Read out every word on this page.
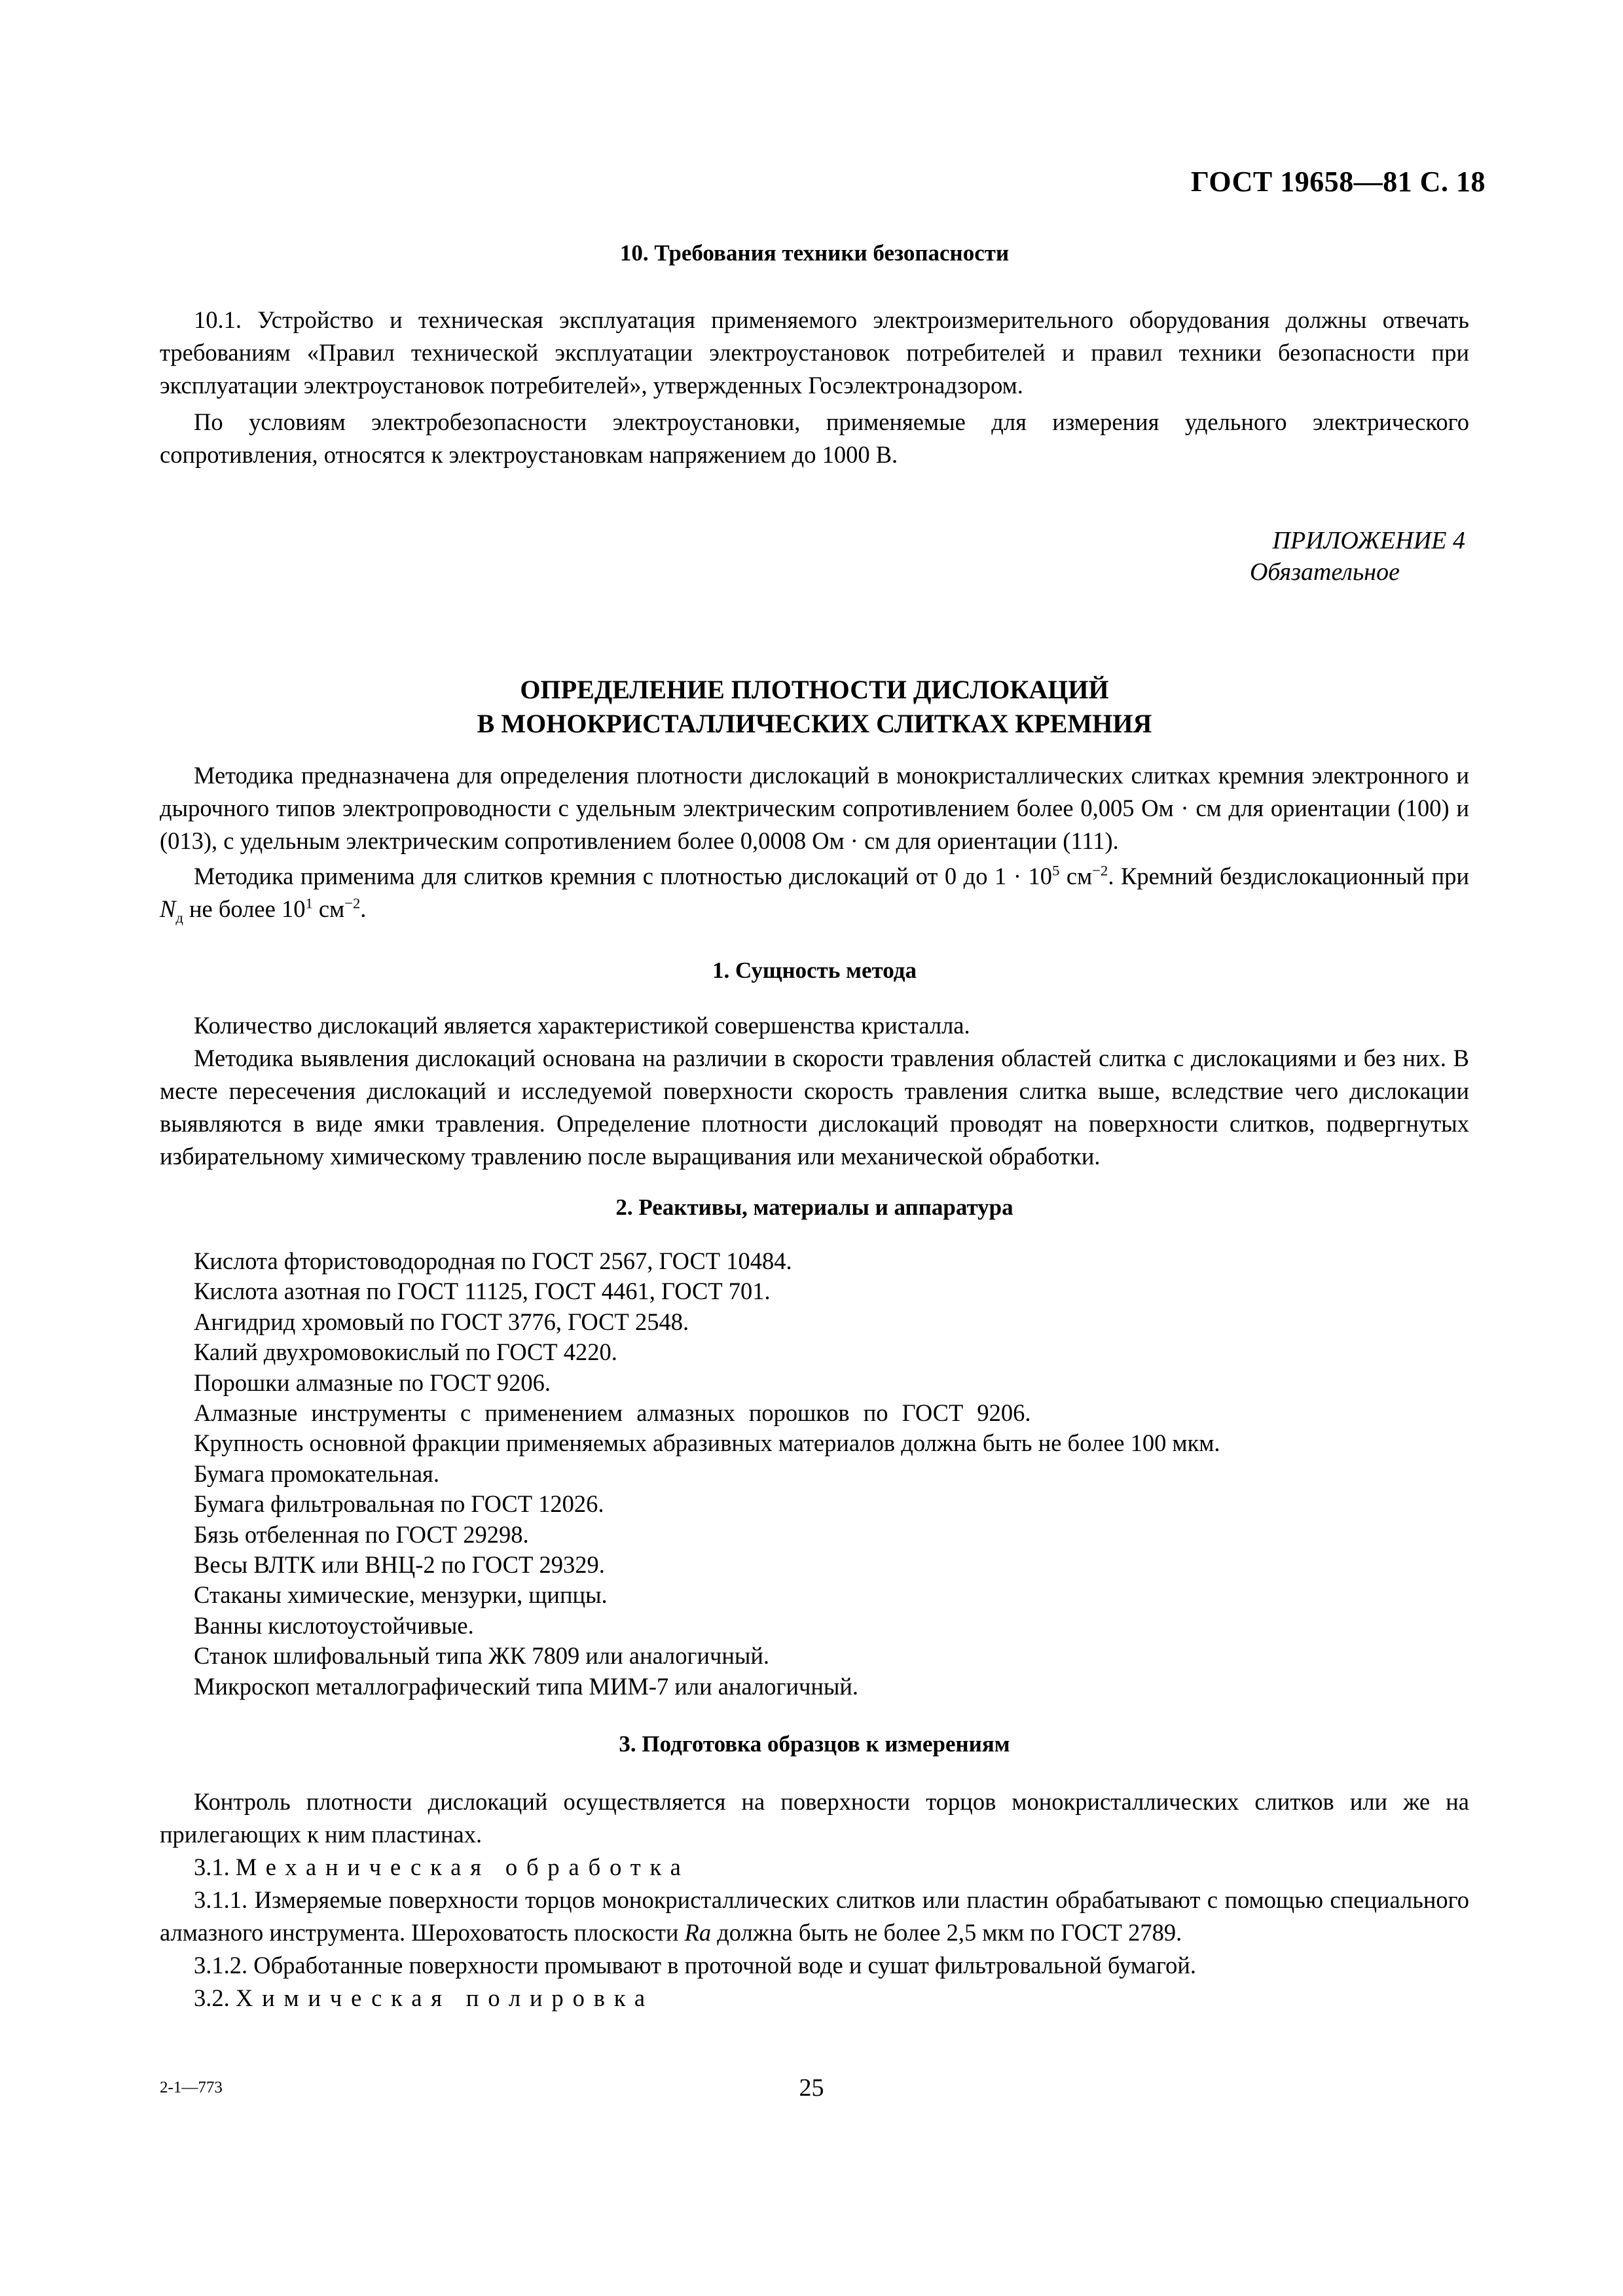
ГОСТ 19658—81 С. 18
10. Требования техники безопасности

10.1. Устройство и техническая эксплуатация применяемого электроизмерительного оборудования должны отвечать требованиям «Правил технической эксплуатации электроустановок потребителей и правил техники безопасности при эксплуатации электроустановок потребителей», утвержденных Госэлектронадзором.

По условиям электробезопасности электроустановки, применяемые для измерения удельного электрического сопротивления, относятся к электроустановкам напряжением до 1000 В.

ПРИЛОЖЕНИЕ 4
Обязательное
ОПРЕДЕЛЕНИЕ ПЛОТНОСТИ ДИСЛОКАЦИЙ
В МОНОКРИСТАЛЛИЧЕСКИХ СЛИТКАХ КРЕМНИЯ

Методика предназначена для определения плотности дислокаций в монокристаллических слитках кремния электронного и дырочного типов электропроводности с удельным электрическим сопротивлением более 0,005 Ом · см для ориентации (100) и (013), с удельным электрическим сопротивлением более 0,0008 Ом · см для ориентации (111).

Методика применима для слитков кремния с плотностью дислокаций от 0 до $1 \cdot 10^5$ $см^{-2}$. Кремний бездислокационный при $N_д$ не более $10^1$ $см^{-2}$.

1. Сущность метода

Количество дислокаций является характеристикой совершенства кристалла.

Методика выявления дислокаций основана на различии в скорости травления областей слитка с дислокациями и без них. В месте пересечения дислокаций и исследуемой поверхности скорость травления слитка выше, вследствие чего дислокации выявляются в виде ямки травления. Определение плотности дислокаций проводят на поверхности слитков, подвергнутых избирательному химическому травлению после выращивания или механической обработки.

2. Реактивы, материалы и аппаратура
Кислота фтористоводородная по ГОСТ 2567, ГОСТ 10484.
Кислота азотная по ГОСТ 11125, ГОСТ 4461, ГОСТ 701.
Ангидрид хромовый по ГОСТ 3776, ГОСТ 2548.
Калий двухромовокислый по ГОСТ 4220.
Порошки алмазные по ГОСТ 9206.
Алмазные инструменты с применением алмазных порошков по ГОСТ 9206.
Крупность основной фракции применяемых абразивных материалов должна быть не более 100 мкм.
Бумага промокательная.
Бумага фильтровальная по ГОСТ 12026.
Бязь отбеленная по ГОСТ 29298.
Весы ВЛТК или ВНЦ-2 по ГОСТ 29329.
Стаканы химические, мензурки, щипцы.
Ванны кислотоустойчивые.
Станок шлифовальный типа ЖК 7809 или аналогичный.
Микроскоп металлографический типа МИМ-7 или аналогичный.
3. Подготовка образцов к измерениям

Контроль плотности дислокаций осуществляется на поверхности торцов монокристаллических слитков или же на прилегающих к ним пластинах.

3.1. Механическая обработка

3.1.1. Измеряемые поверхности торцов монокристаллических слитков или пластин обрабатывают с помощью специального алмазного инструмента. Шероховатость плоскости Ra должна быть не более 2,5 мкм по ГОСТ 2789.

3.1.2. Обработанные поверхности промывают в проточной воде и сушат фильтровальной бумагой.

3.2. Химическая полировка

2-1—773	25
